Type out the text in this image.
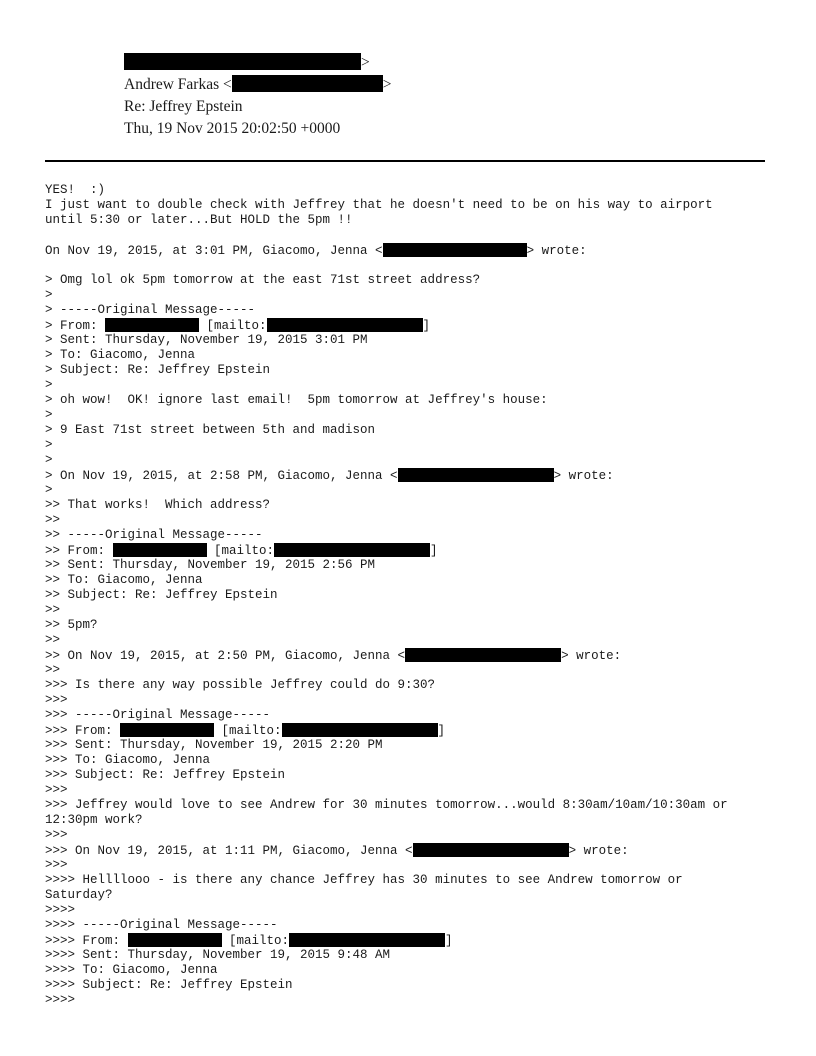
>
Andrew Farkas <	>
Re: Jeffrey Epstein
Thu, 19 Nov 2015 20:02:50 +0000
YES!  :)
I just want to double check with Jeffrey that he doesn't need to be on his way to airport
until 5:30 or later...But HOLD the 5pm !!
On Nov 19, 2015, at 3:01 PM, Giacomo, Jenna <	> wrote:
> Omg lol ok 5pm tomorrow at the east 71st street address?
>
> -----Original Message-----
> From:	[mailto:	]
> Sent: Thursday, November 19, 2015 3:01 PM
> To: Giacomo, Jenna
> Subject: Re: Jeffrey Epstein
>
> oh wow!  OK! ignore last email!  5pm tomorrow at Jeffrey's house:
>
> 9 East 71st street between 5th and madison
>
>
> On Nov 19, 2015, at 2:58 PM, Giacomo, Jenna <	> wrote:
>
>> That works!  Which address?
>>
>> -----Original Message-----
>> From:	[mailto:	]
>> Sent: Thursday, November 19, 2015 2:56 PM
>> To: Giacomo, Jenna
>> Subject: Re: Jeffrey Epstein
>>
>> 5pm?
>>
>> On Nov 19, 2015, at 2:50 PM, Giacomo, Jenna <	> wrote:
>>
>>> Is there any way possible Jeffrey could do 9:30?
>>>
>>> -----Original Message-----
>>> From:	[mailto:	]
>>> Sent: Thursday, November 19, 2015 2:20 PM
>>> To: Giacomo, Jenna
>>> Subject: Re: Jeffrey Epstein
>>>
>>> Jeffrey would love to see Andrew for 30 minutes tomorrow...would 8:30am/10am/10:30am or
12:30pm work?
>>>
>>> On Nov 19, 2015, at 1:11 PM, Giacomo, Jenna <	> wrote:
>>>
>>>> Hellllooo - is there any chance Jeffrey has 30 minutes to see Andrew tomorrow or
Saturday?
>>>>
>>>> -----Original Message-----
>>>> From:	[mailto:	]
>>>> Sent: Thursday, November 19, 2015 9:48 AM
>>>> To: Giacomo, Jenna
>>>> Subject: Re: Jeffrey Epstein
>>>>
